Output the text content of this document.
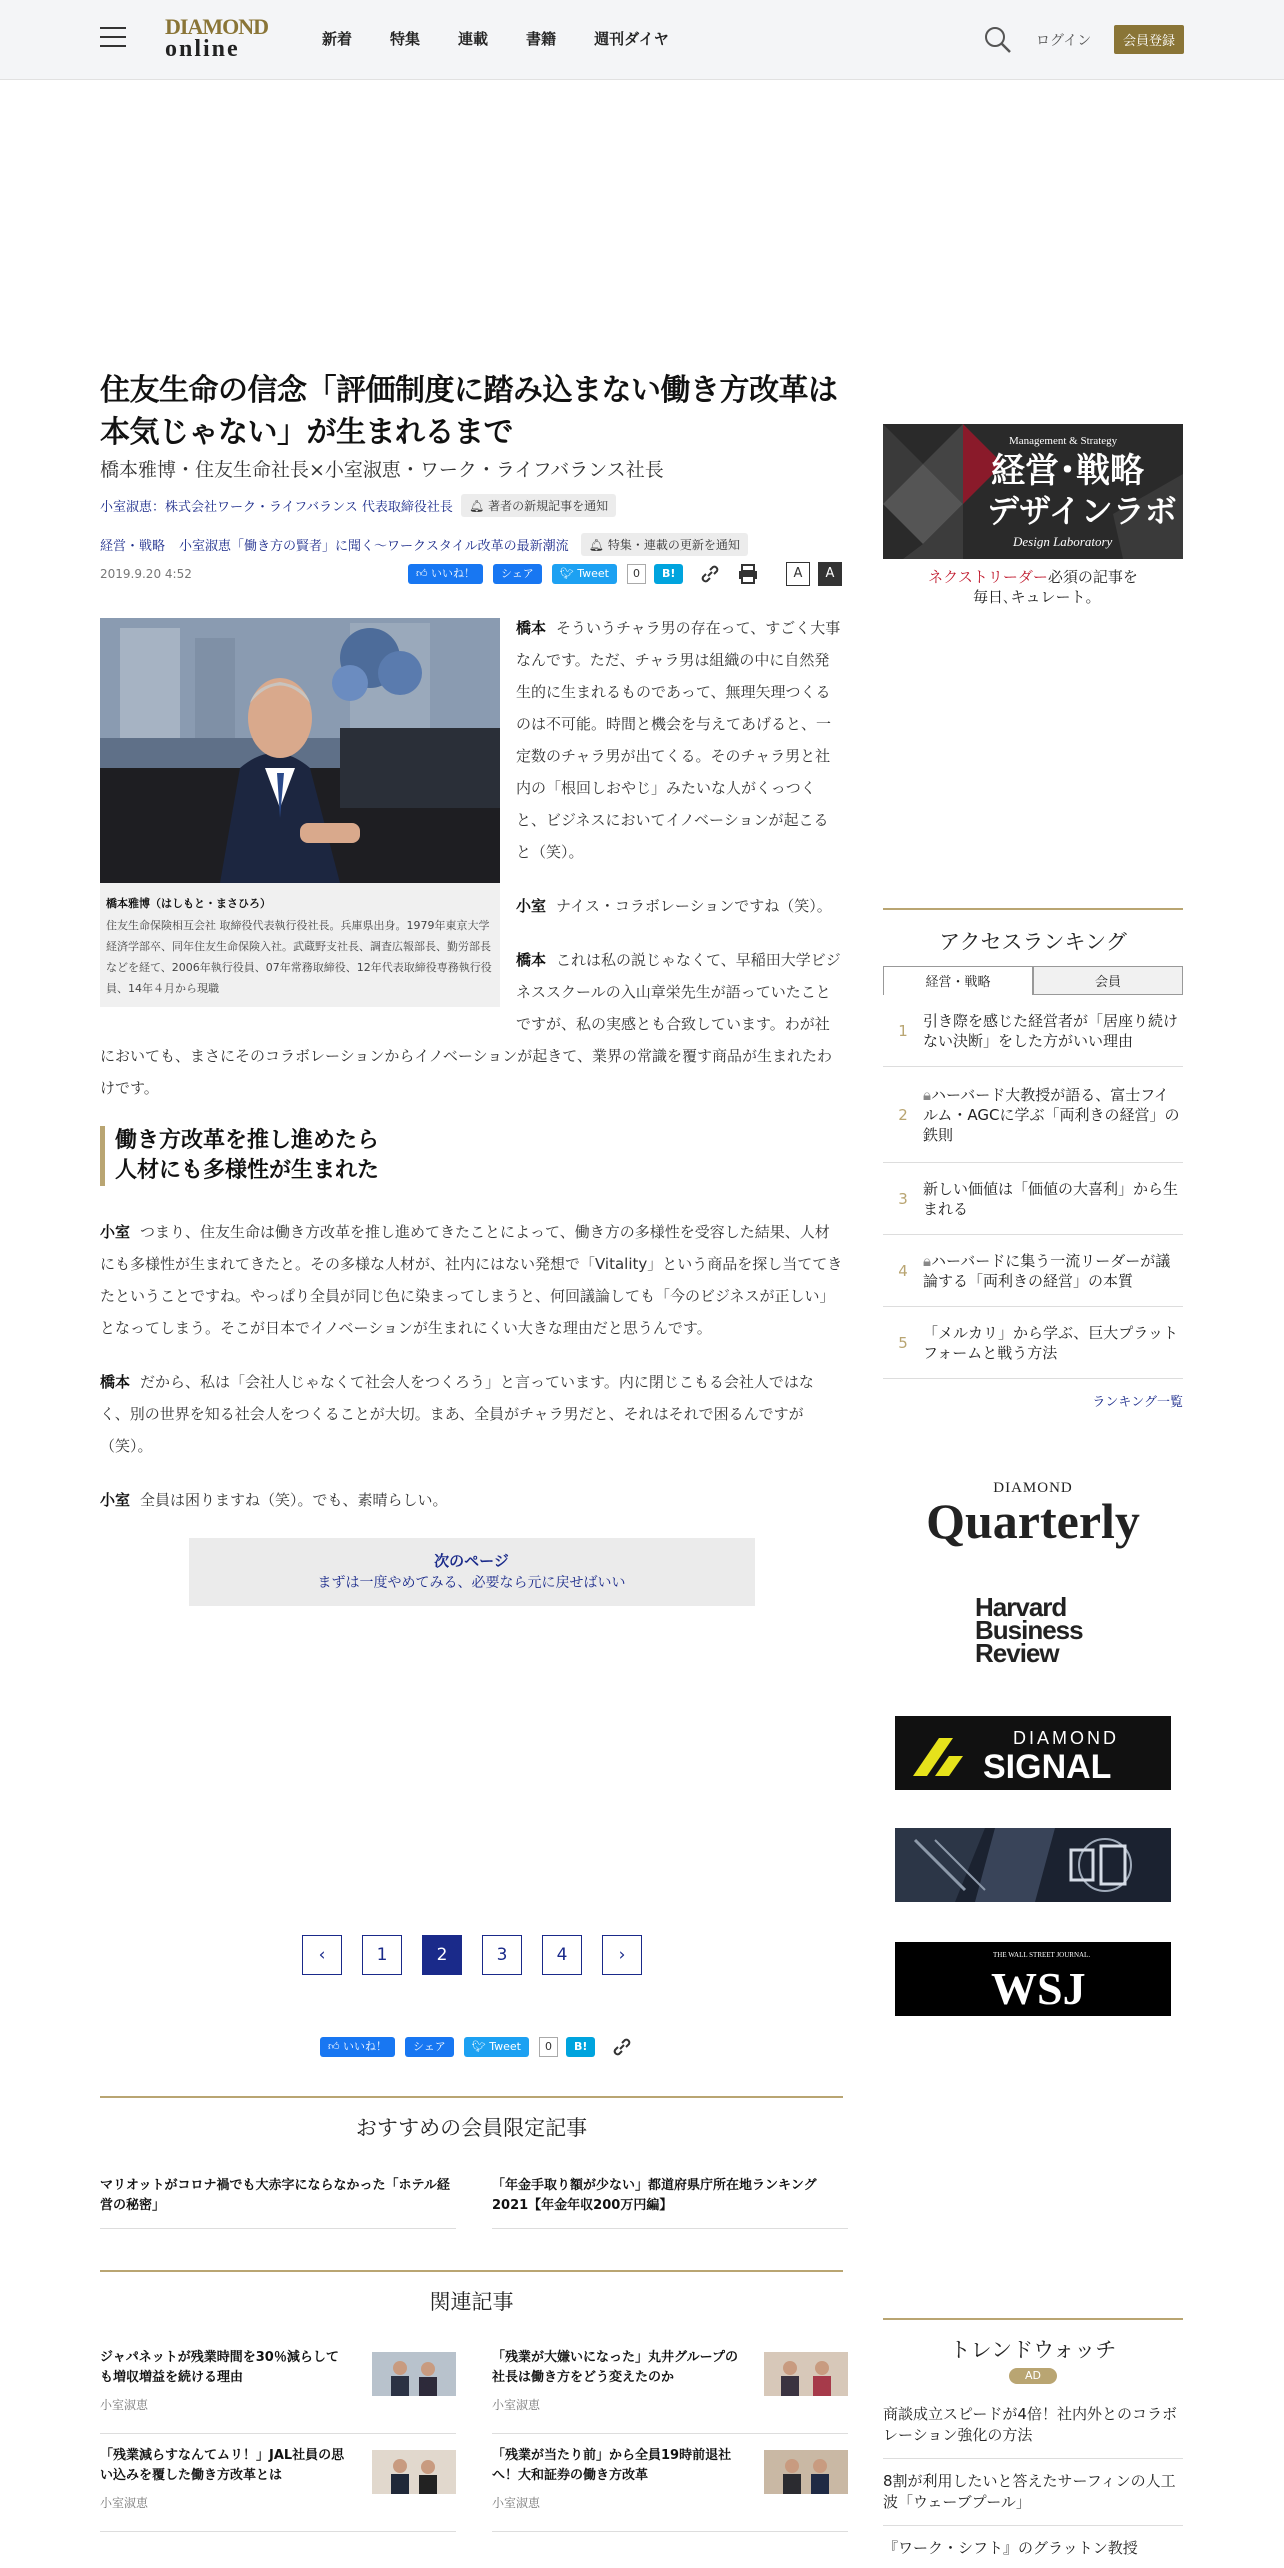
DIAMOND
online	新着	特集	連載	書籍	週刊ダイヤ	ログイン	会員登録
住友生命の信念「評価制度に踏み込まない働き方改革は本気じゃない」が生まれるまで
橋本雅博・住友生命社長×小室淑恵・ワーク・ライフバランス社長
小室淑恵：株式会社ワーク・ライフバランス 代表取締役社長 🔔︎ 著者の新規記事を通知
経営・戦略 小室淑恵「働き方の賢者」に聞く～ワークスタイル改革の最新潮流 🔔︎ 特集・連載の更新を通知
2019.9.20 4:52	👍︎ いいね！	シェア	🐦︎ Tweet	0	B!	A	A
橋本雅博（はしもと・まさひろ）
住友生命保険相互会社 取締役代表執行役社長。兵庫県出身。1979年東京大学経済学部卒、同年住友生命保険入社。武蔵野支社長、調査広報部長、勤労部長などを経て、2006年執行役員、07年常務取締役、12年代表取締役専務執行役員、14年４月から現職

橋本 そういうチャラ男の存在って、すごく大事なんです。ただ、チャラ男は組織の中に自然発生的に生まれるものであって、無理矢理つくるのは不可能。時間と機会を与えてあげると、一定数のチャラ男が出てくる。そのチャラ男と社内の「根回しおやじ」みたいな人がくっつくと、ビジネスにおいてイノベーションが起こると（笑）。

小室 ナイス・コラボレーションですね（笑）。

橋本 これは私の説じゃなくて、早稲田大学ビジネススクールの入山章栄先生が語っていたことですが、私の実感とも合致しています。わが社においても、まさにそのコラボレーションからイノベーションが起きて、業界の常識を覆す商品が生まれたわけです。

働き方改革を推し進めたら
人材にも多様性が生まれた

小室 つまり、住友生命は働き方改革を推し進めてきたことによって、働き方の多様性を受容した結果、人材にも多様性が生まれてきたと。その多様な人材が、社内にはない発想で「Vitality」という商品を探し当ててきたということですね。やっぱり全員が同じ色に染まってしまうと、何回議論しても「今のビジネスが正しい」となってしまう。そこが日本でイノベーションが生まれにくい大きな理由だと思うんです。

橋本 だから、私は「会社人じゃなくて社会人をつくろう」と言っています。内に閉じこもる会社人ではなく、別の世界を知る社会人をつくることが大切。まあ、全員がチャラ男だと、それはそれで困るんですが（笑）。

小室 全員は困りますね（笑）。でも、素晴らしい。

次のページ
まずは一度やめてみる、必要なら元に戻せばいい
‹	1	2	3	4	›
👍︎ いいね！	シェア	🐦︎ Tweet	0	B!
おすすめの会員限定記事
マリオットがコロナ禍でも大赤字にならなかった「ホテル経営の秘密」
「年金手取り額が少ない」都道府県庁所在地ランキング2021【年金年収200万円編】
関連記事
ジャパネットが残業時間を30％減らしても増収増益を続ける理由
小室淑恵
「残業が大嫌いになった」丸井グループの社長は働き方をどう変えたのか
小室淑恵
「残業減らすなんてムリ！」JAL社員の思い込みを覆した働き方改革とは
小室淑恵
「残業が当たり前」から全員19時前退社へ！大和証券の働き方改革
小室淑恵
Management & Strategy
経営･戦略
デザインラボ
Design Laboratory
ネクストリーダー必須の記事を
毎日､キュレート｡
アクセスランキング
経営・戦略	会員
1
引き際を感じた経営者が「居座り続けない決断」をした方がいい理由
2
🔒︎ハーバード大教授が語る、富士フイルム・AGCに学ぶ「両利きの経営」の鉄則
3
新しい価値は「価値の大喜利」から生まれる
4
🔒︎ハーバードに集う一流リーダーが議論する「両利きの経営」の本質
5
「メルカリ」から学ぶ、巨大プラットフォームと戦う方法
ランキング一覧
DIAMOND
Quarterly
Harvard
Business
Review
DIAMOND
SIGNAL
THE WALL STREET JOURNAL.
WSJ
トレンドウォッチ
AD
商談成立スピードが4倍！社内外とのコラボレーション強化の方法
8割が利用したいと答えたサーフィンの人工波「ウェーブプール」
『ワーク・シフト』のグラットン教授
